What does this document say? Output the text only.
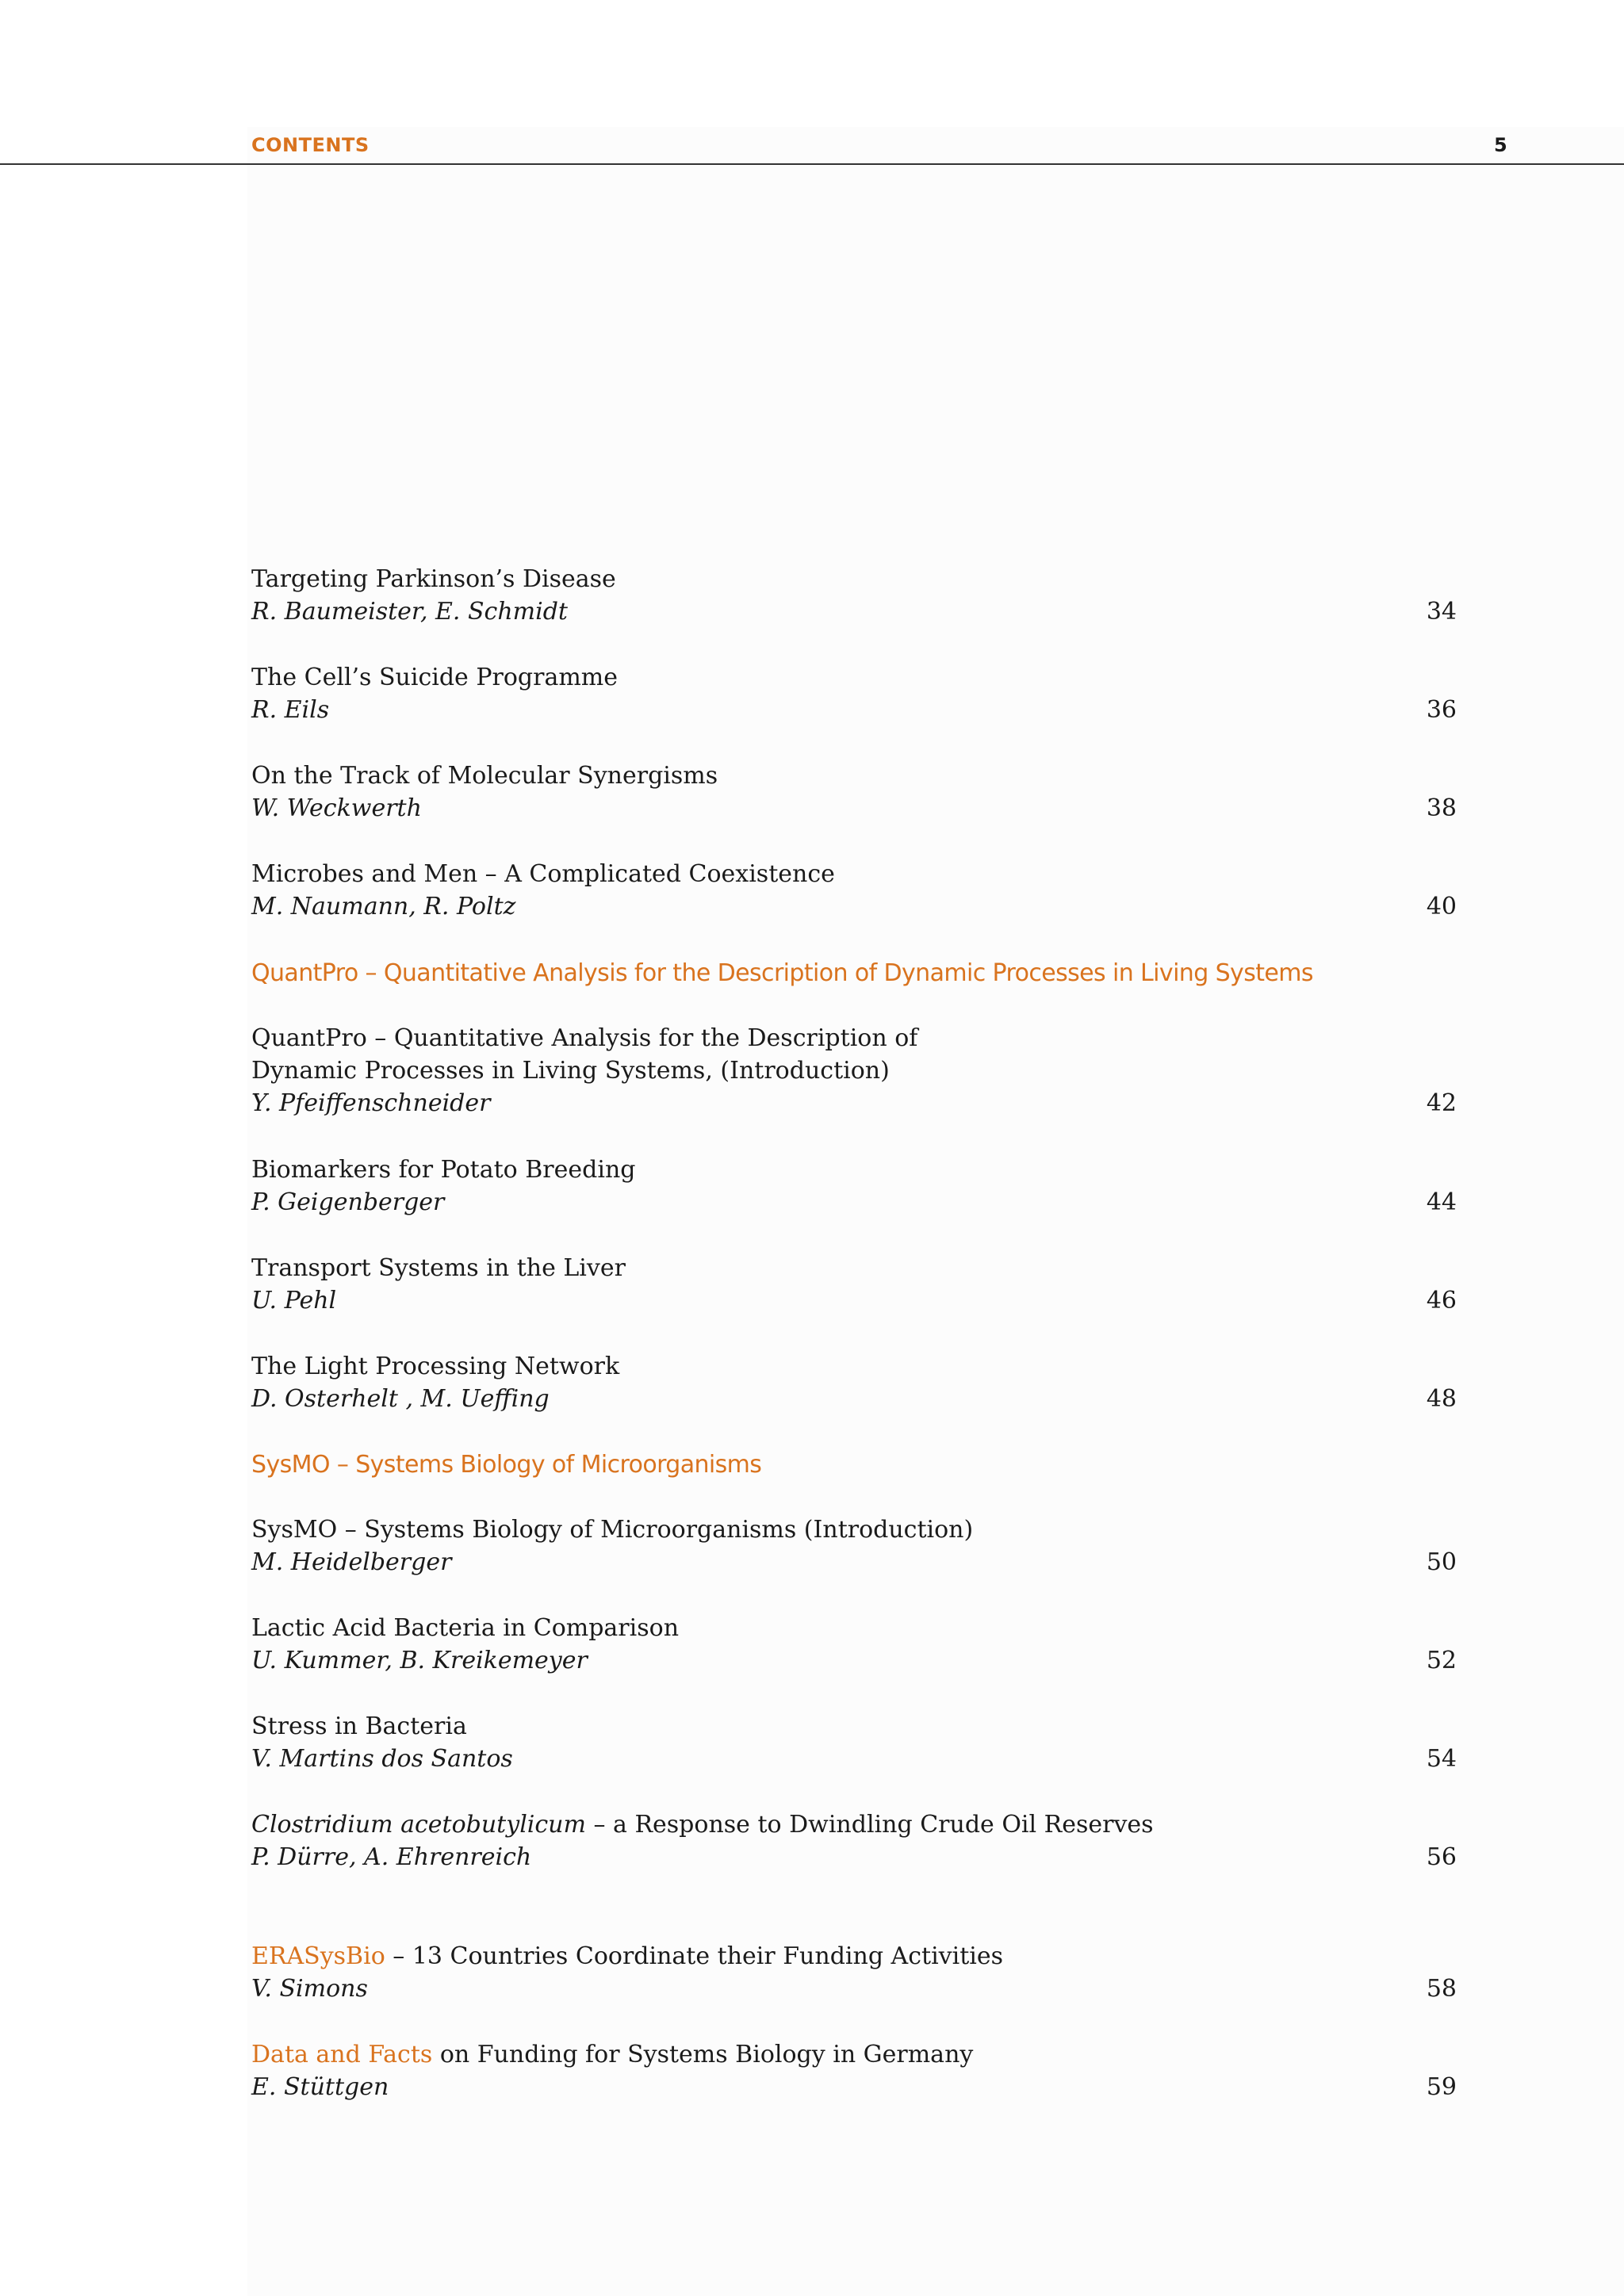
CONTENTS	5
Targeting Parkinson’s Disease
R. Baumeister, E. Schmidt	34
The Cell’s Suicide Programme
R. Eils	36
On the Track of Molecular Synergisms
W. Weckwerth	38
Microbes and Men – A Complicated Coexistence
M. Naumann, R. Poltz	40
QuantPro – Quantitative Analysis for the Description of Dynamic Processes in Living Systems
QuantPro – Quantitative Analysis for the Description of
Dynamic Processes in Living Systems, (Introduction)
Y. Pfeiffenschneider	42
Biomarkers for Potato Breeding
P. Geigenberger	44
Transport Systems in the Liver
U. Pehl	46
The Light Processing Network
D. Osterhelt , M. Ueffing	48
SysMO – Systems Biology of Microorganisms
SysMO – Systems Biology of Microorganisms (Introduction)
M. Heidelberger	50
Lactic Acid Bacteria in Comparison
U. Kummer, B. Kreikemeyer	52
Stress in Bacteria
V. Martins dos Santos	54
Clostridium acetobutylicum – a Response to Dwindling Crude Oil Reserves
P. Dürre, A. Ehrenreich	56
ERASysBio – 13 Countries Coordinate their Funding Activities
V. Simons	58
Data and Facts on Funding for Systems Biology in Germany
E. Stüttgen	59
